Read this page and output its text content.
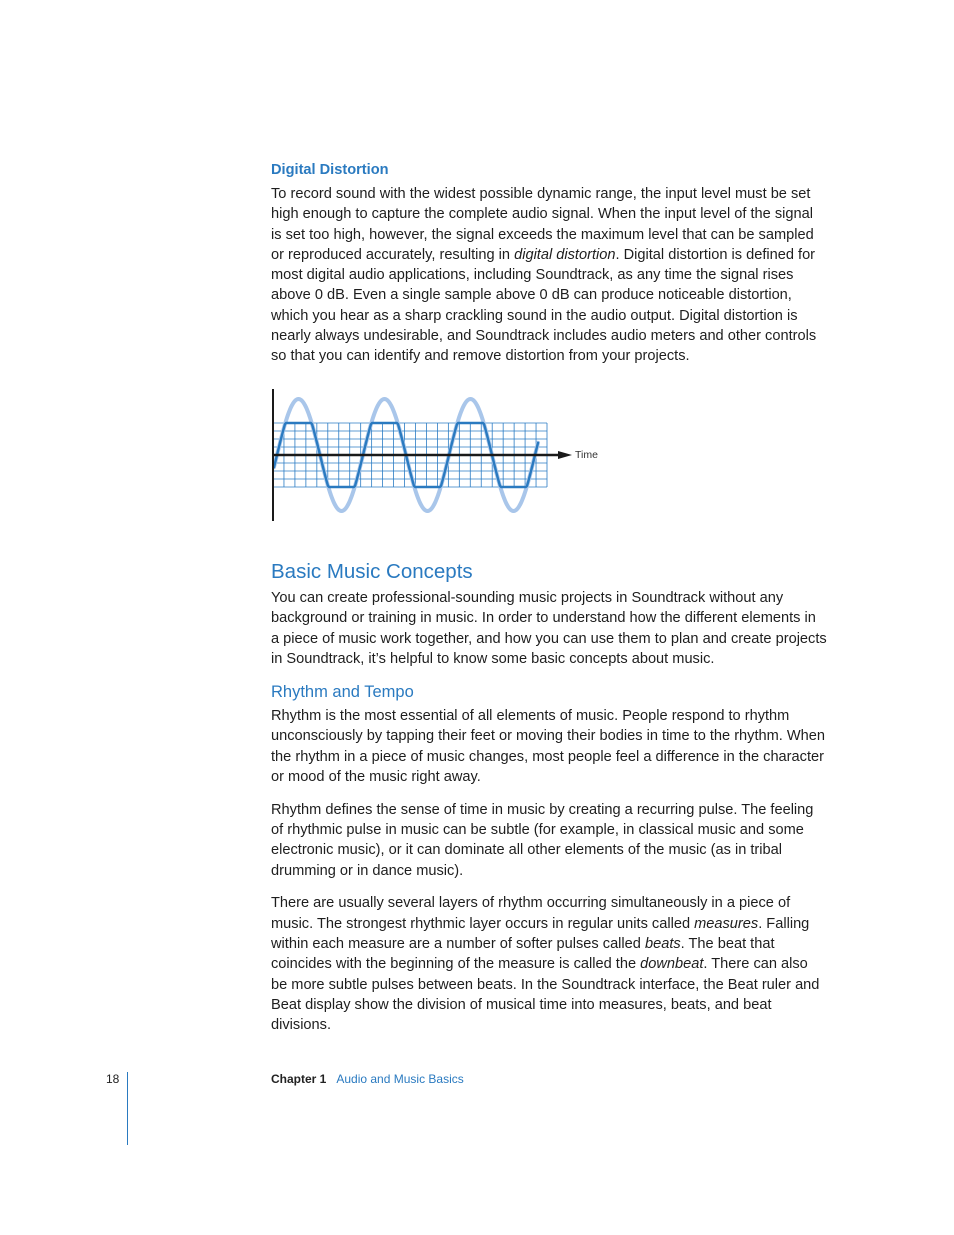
Digital Distortion

To record sound with the widest possible dynamic range, the input level must be set high enough to capture the complete audio signal. When the input level of the signal is set too high, however, the signal exceeds the maximum level that can be sampled or reproduced accurately, resulting in digital distortion. Digital distortion is defined for most digital audio applications, including Soundtrack, as any time the signal rises above 0 dB. Even a single sample above 0 dB can produce noticeable distortion, which you hear as a sharp crackling sound in the audio output. Digital distortion is nearly always undesirable, and Soundtrack includes audio meters and other controls so that you can identify and remove distortion from your projects.

Time
Basic Music Concepts

You can create professional-sounding music projects in Soundtrack without any background or training in music. In order to understand how the different elements in a piece of music work together, and how you can use them to plan and create projects in Soundtrack, it’s helpful to know some basic concepts about music.

Rhythm and Tempo

Rhythm is the most essential of all elements of music. People respond to rhythm unconsciously by tapping their feet or moving their bodies in time to the rhythm. When the rhythm in a piece of music changes, most people feel a difference in the character or mood of the music right away.

Rhythm defines the sense of time in music by creating a recurring pulse. The feeling of rhythmic pulse in music can be subtle (for example, in classical music and some electronic music), or it can dominate all other elements of the music (as in tribal drumming or in dance music).

There are usually several layers of rhythm occurring simultaneously in a piece of music. The strongest rhythmic layer occurs in regular units called measures. Falling within each measure are a number of softer pulses called beats. The beat that coincides with the beginning of the measure is called the downbeat. There can also be more subtle pulses between beats. In the Soundtrack interface, the Beat ruler and Beat display show the division of musical time into measures, beats, and beat divisions.

18	Chapter 1 Audio and Music Basics
